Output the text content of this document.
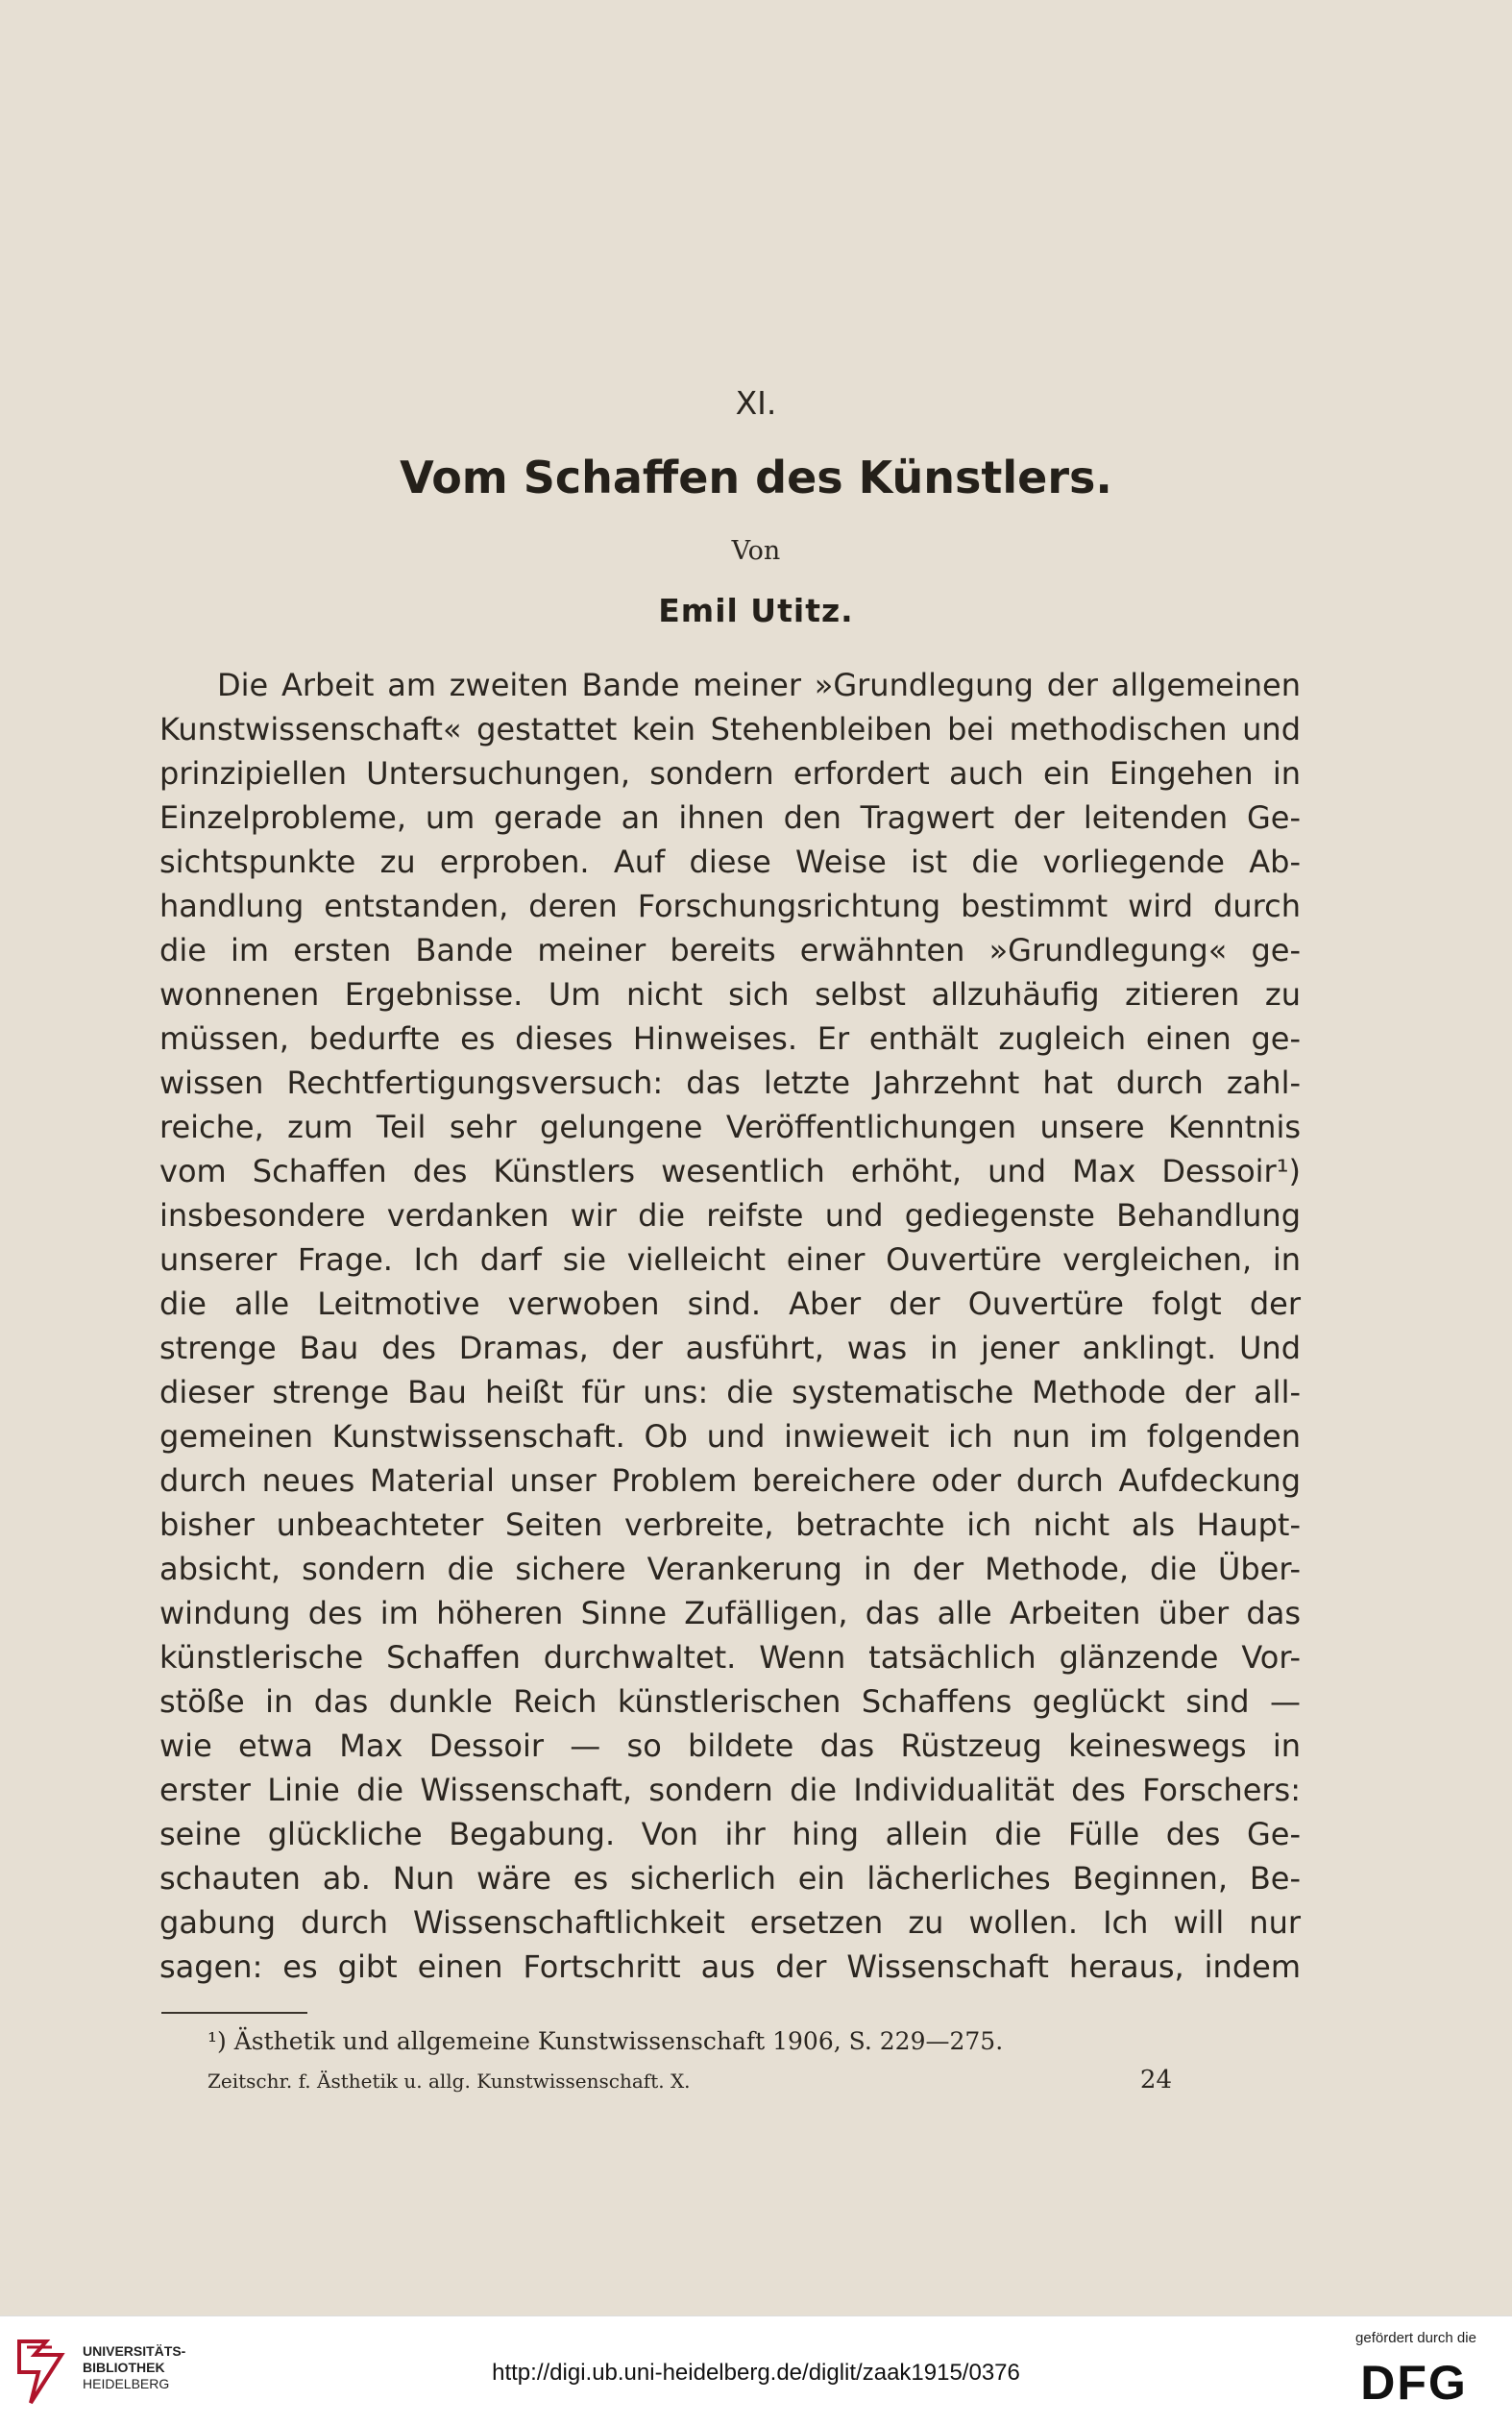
XI.
Vom Schaffen des Künstlers.
Von
Emil Utitz.
Die Arbeit am zweiten Bande meiner »Grundlegung der allgemeinen
Kunstwissenschaft« gestattet kein Stehenbleiben bei methodischen und
prinzipiellen Untersuchungen, sondern erfordert auch ein Eingehen in
Einzelprobleme, um gerade an ihnen den Tragwert der leitenden Ge-
sichtspunkte zu erproben. Auf diese Weise ist die vorliegende Ab-
handlung entstanden, deren Forschungsrichtung bestimmt wird durch
die im ersten Bande meiner bereits erwähnten »Grundlegung« ge-
wonnenen Ergebnisse. Um nicht sich selbst allzuhäufig zitieren zu
müssen, bedurfte es dieses Hinweises. Er enthält zugleich einen ge-
wissen Rechtfertigungsversuch: das letzte Jahrzehnt hat durch zahl-
reiche, zum Teil sehr gelungene Veröffentlichungen unsere Kenntnis
vom Schaffen des Künstlers wesentlich erhöht, und Max Dessoir¹)
insbesondere verdanken wir die reifste und gediegenste Behandlung
unserer Frage. Ich darf sie vielleicht einer Ouvertüre vergleichen, in
die alle Leitmotive verwoben sind. Aber der Ouvertüre folgt der
strenge Bau des Dramas, der ausführt, was in jener anklingt. Und
dieser strenge Bau heißt für uns: die systematische Methode der all-
gemeinen Kunstwissenschaft. Ob und inwieweit ich nun im folgenden
durch neues Material unser Problem bereichere oder durch Aufdeckung
bisher unbeachteter Seiten verbreite, betrachte ich nicht als Haupt-
absicht, sondern die sichere Verankerung in der Methode, die Über-
windung des im höheren Sinne Zufälligen, das alle Arbeiten über das
künstlerische Schaffen durchwaltet. Wenn tatsächlich glänzende Vor-
stöße in das dunkle Reich künstlerischen Schaffens geglückt sind —
wie etwa Max Dessoir — so bildete das Rüstzeug keineswegs in
erster Linie die Wissenschaft, sondern die Individualität des Forschers:
seine glückliche Begabung. Von ihr hing allein die Fülle des Ge-
schauten ab. Nun wäre es sicherlich ein lächerliches Beginnen, Be-
gabung durch Wissenschaftlichkeit ersetzen zu wollen. Ich will nur
sagen: es gibt einen Fortschritt aus der Wissenschaft heraus, indem
¹) Ästhetik und allgemeine Kunstwissenschaft 1906, S. 229—275.
Zeitschr. f. Ästhetik u. allg. Kunstwissenschaft. X.	24
UNIVERSITÄTS-
BIBLIOTHEK
HEIDELBERG	http://digi.ub.uni-heidelberg.de/diglit/zaak1915/0376
gefördert durch die
DFG
